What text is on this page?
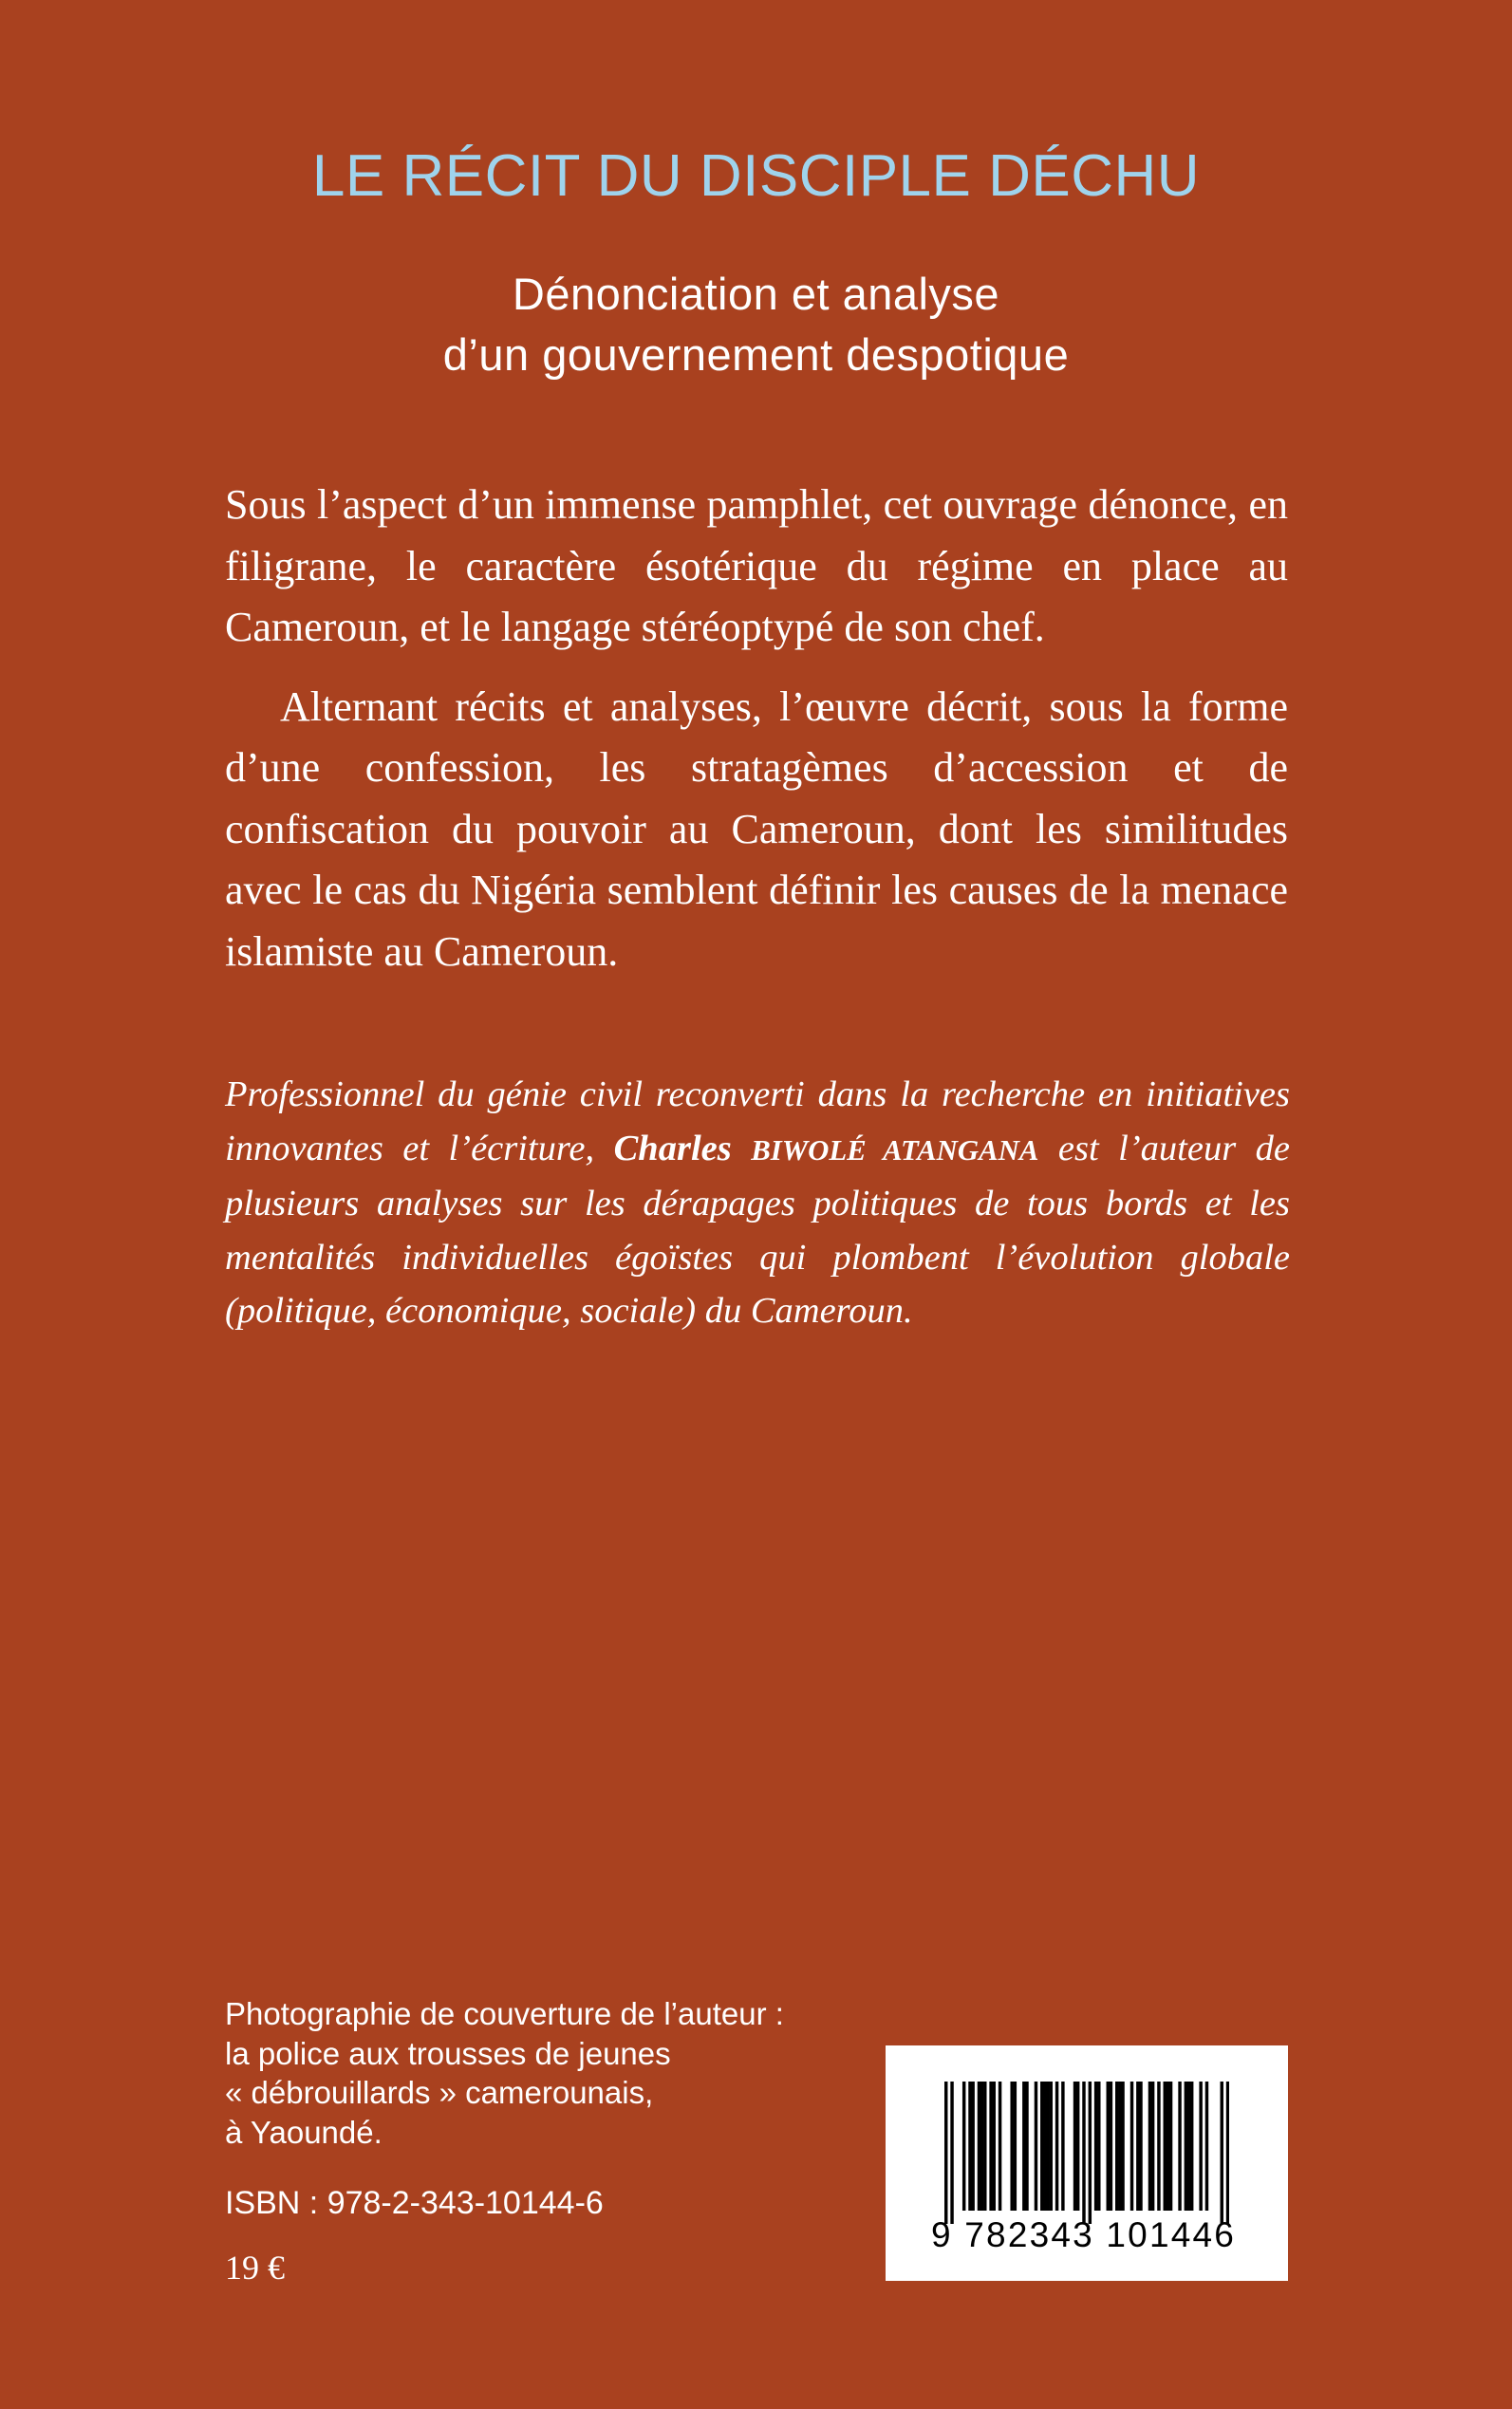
LE RÉCIT DU DISCIPLE DÉCHU
Dénonciation et analyse
d’un gouvernement despotique

Sous l’aspect d’un immense pamphlet, cet ouvrage dénonce, en filigrane, le caractère ésotérique du régime en place au Cameroun, et le langage stéréoptypé de son chef.

Alternant récits et analyses, l’œuvre décrit, sous la forme d’une confession, les stratagèmes d’accession et de confiscation du pouvoir au Cameroun, dont les similitudes avec le cas du Nigéria semblent définir les causes de la menace islamiste au Cameroun.

Professionnel du génie civil reconverti dans la recherche en initiatives innovantes et l’écriture, Charles BIWOLÉ ATANGANA est l’auteur de plusieurs analyses sur les dérapages politiques de tous bords et les mentalités individuelles égoïstes qui plombent l’évolution globale (politique, économique, sociale) du Cameroun.
Photographie de couverture de l’auteur :
la police aux trousses de jeunes
« débrouillards » camerounais,
à Yaoundé.
ISBN : 978-2-343-10144-6
19 €
9 782343 101446
